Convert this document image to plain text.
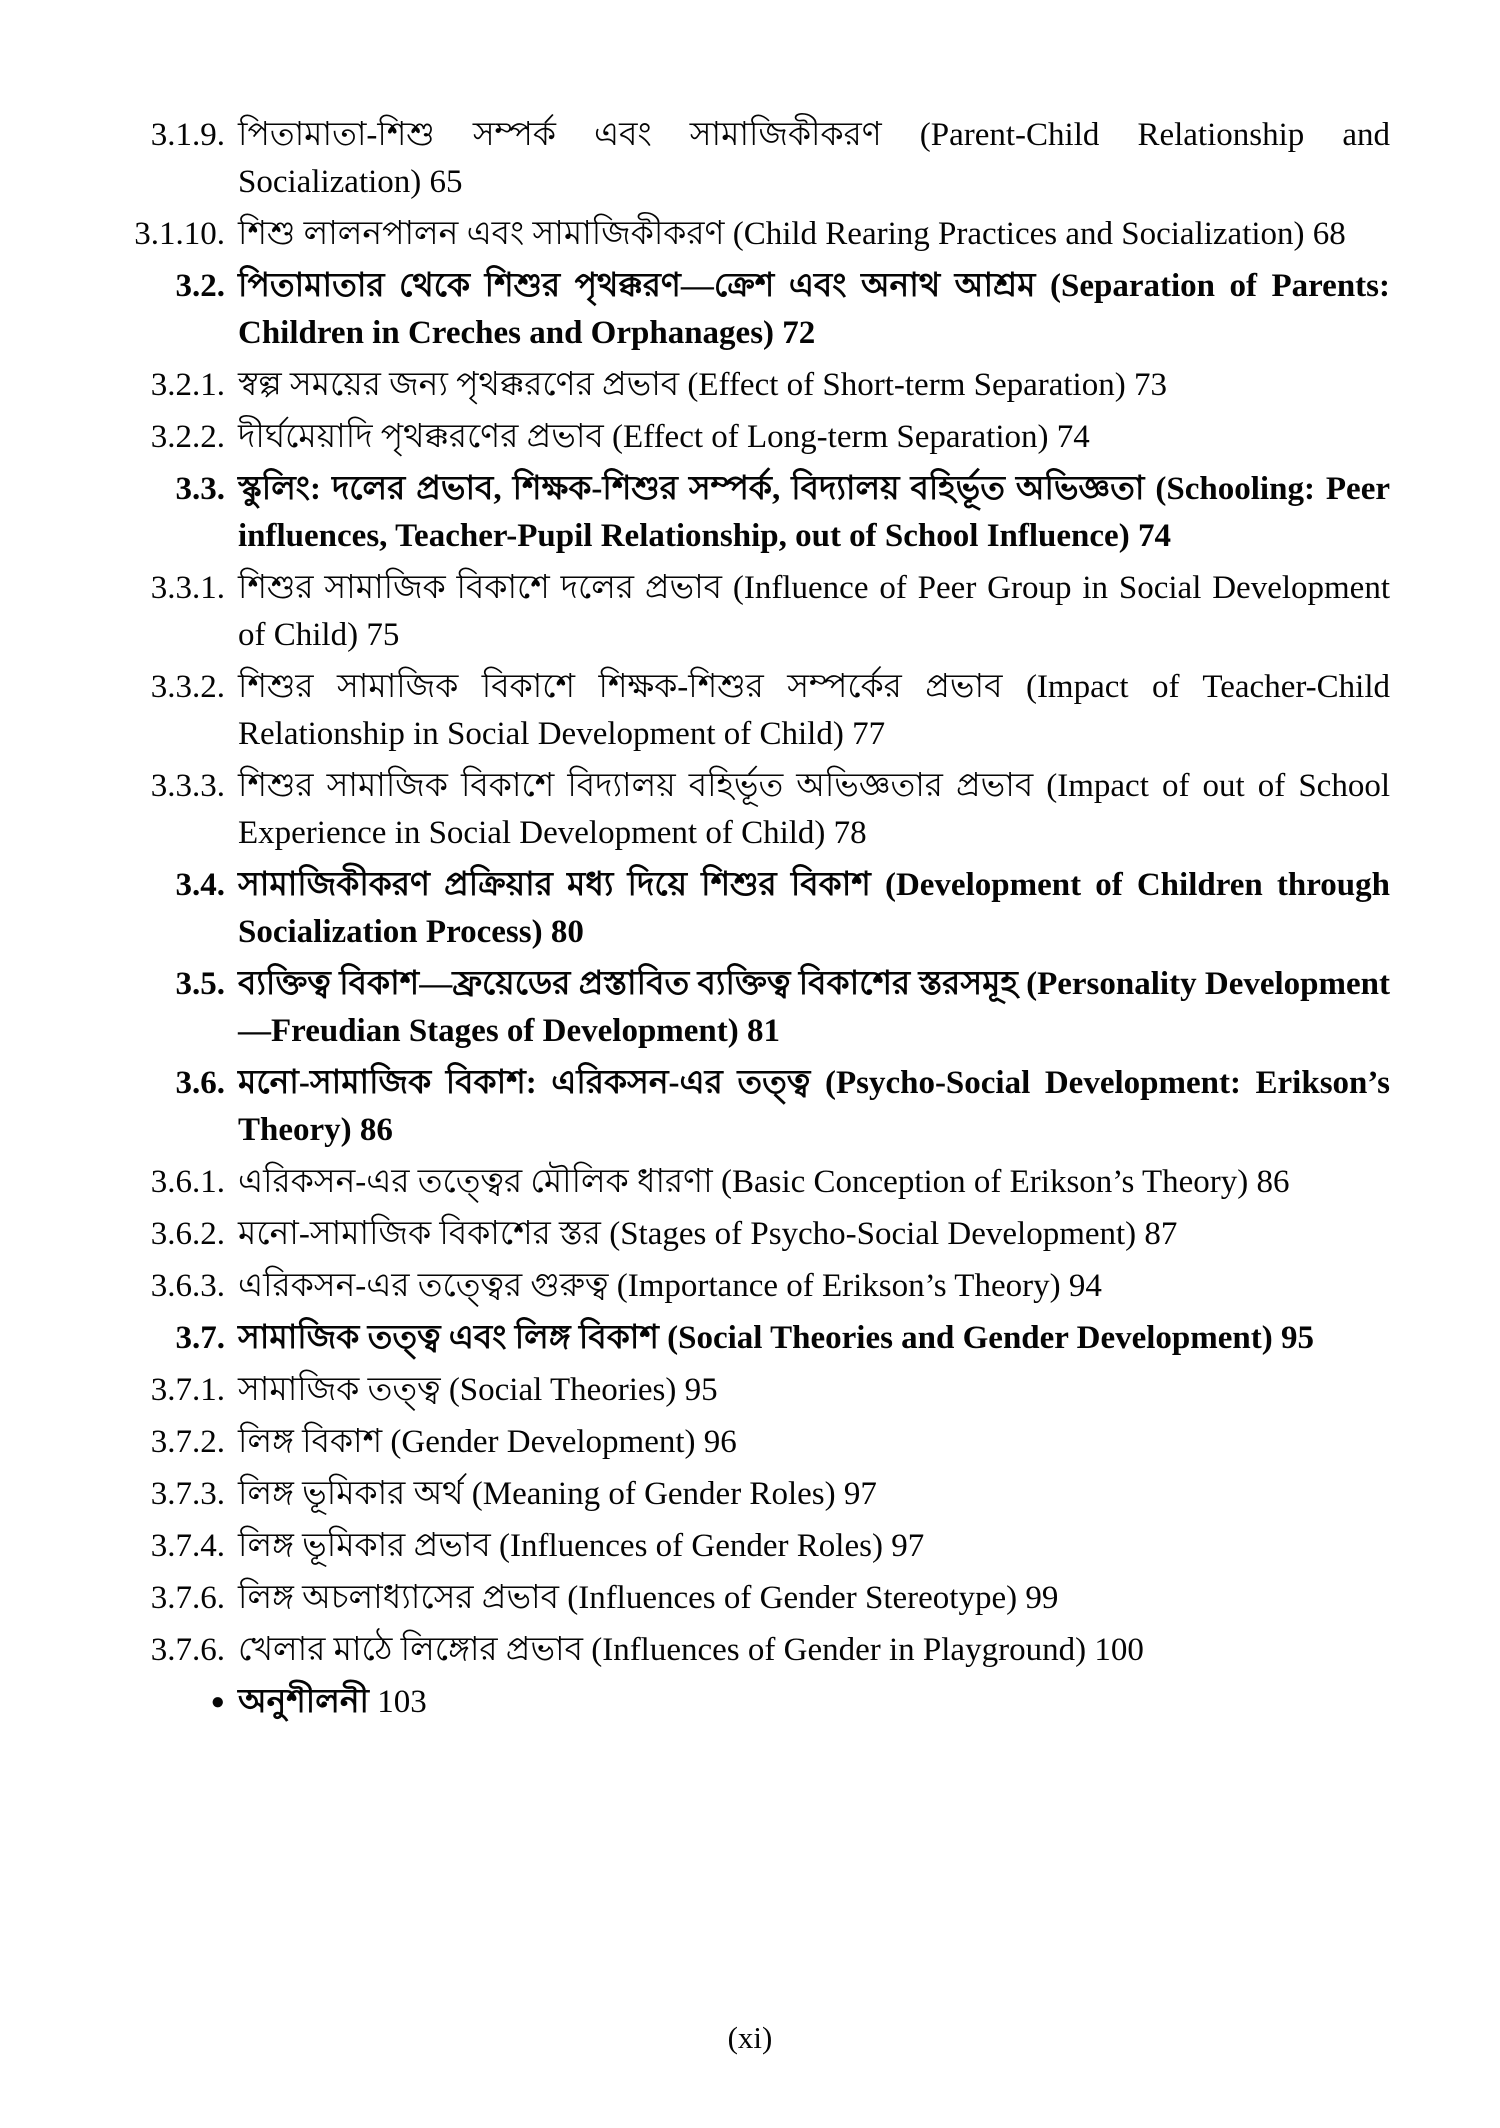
3.1.9. পিতামাতা-শিশু সম্পর্ক এবং সামাজিকীকরণ (Parent-Child Relationship and Socialization) 65
3.1.10. শিশু লালনপালন এবং সামাজিকীকরণ (Child Rearing Practices and Socialization) 68
3.2. পিতামাতার থেকে শিশুর পৃথক্করণ—ক্রেশ এবং অনাথ আশ্রম (Separation of Parents: Children in Creches and Orphanages) 72
3.2.1. স্বল্প সময়ের জন্য পৃথক্করণের প্রভাব (Effect of Short-term Separation) 73
3.2.2. দীর্ঘমেয়াদি পৃথক্করণের প্রভাব (Effect of Long-term Separation) 74
3.3. স্কুলিং: দলের প্রভাব, শিক্ষক-শিশুর সম্পর্ক, বিদ্যালয় বহির্ভূত অভিজ্ঞতা (Schooling: Peer influences, Teacher-Pupil Relationship, out of School Influence) 74
3.3.1. শিশুর সামাজিক বিকাশে দলের প্রভাব (Influence of Peer Group in Social Development of Child) 75
3.3.2. শিশুর সামাজিক বিকাশে শিক্ষক-শিশুর সম্পর্কের প্রভাব (Impact of Teacher-Child Relationship in Social Development of Child) 77
3.3.3. শিশুর সামাজিক বিকাশে বিদ্যালয় বহির্ভূত অভিজ্ঞতার প্রভাব (Impact of out of School Experience in Social Development of Child) 78
3.4. সামাজিকীকরণ প্রক্রিয়ার মধ্য দিয়ে শিশুর বিকাশ (Development of Children through Socialization Process) 80
3.5. ব্যক্তিত্ব বিকাশ—ফ্রয়েডের প্রস্তাবিত ব্যক্তিত্ব বিকাশের স্তরসমূহ (Personality Development—Freudian Stages of Development) 81
3.6. মনো-সামাজিক বিকাশ: এরিকসন-এর তত্ত্ব (Psycho-Social Development: Erikson’s Theory) 86
3.6.1. এরিকসন-এর তত্ত্বের মৌলিক ধারণা (Basic Conception of Erikson’s Theory) 86
3.6.2. মনো-সামাজিক বিকাশের স্তর (Stages of Psycho-Social Development) 87
3.6.3. এরিকসন-এর তত্ত্বের গুরুত্ব (Importance of Erikson’s Theory) 94
3.7. সামাজিক তত্ত্ব এবং লিঙ্গ বিকাশ (Social Theories and Gender Development) 95
3.7.1. সামাজিক তত্ত্ব (Social Theories) 95
3.7.2. লিঙ্গ বিকাশ (Gender Development) 96
3.7.3. লিঙ্গ ভূমিকার অর্থ (Meaning of Gender Roles) 97
3.7.4. লিঙ্গ ভূমিকার প্রভাব (Influences of Gender Roles) 97
3.7.6. লিঙ্গ অচলাধ্যাসের প্রভাব (Influences of Gender Stereotype) 99
3.7.6. খেলার মাঠে লিঙ্গোর প্রভাব (Influences of Gender in Playground) 100
● অনুশীলনী 103
(xi)
